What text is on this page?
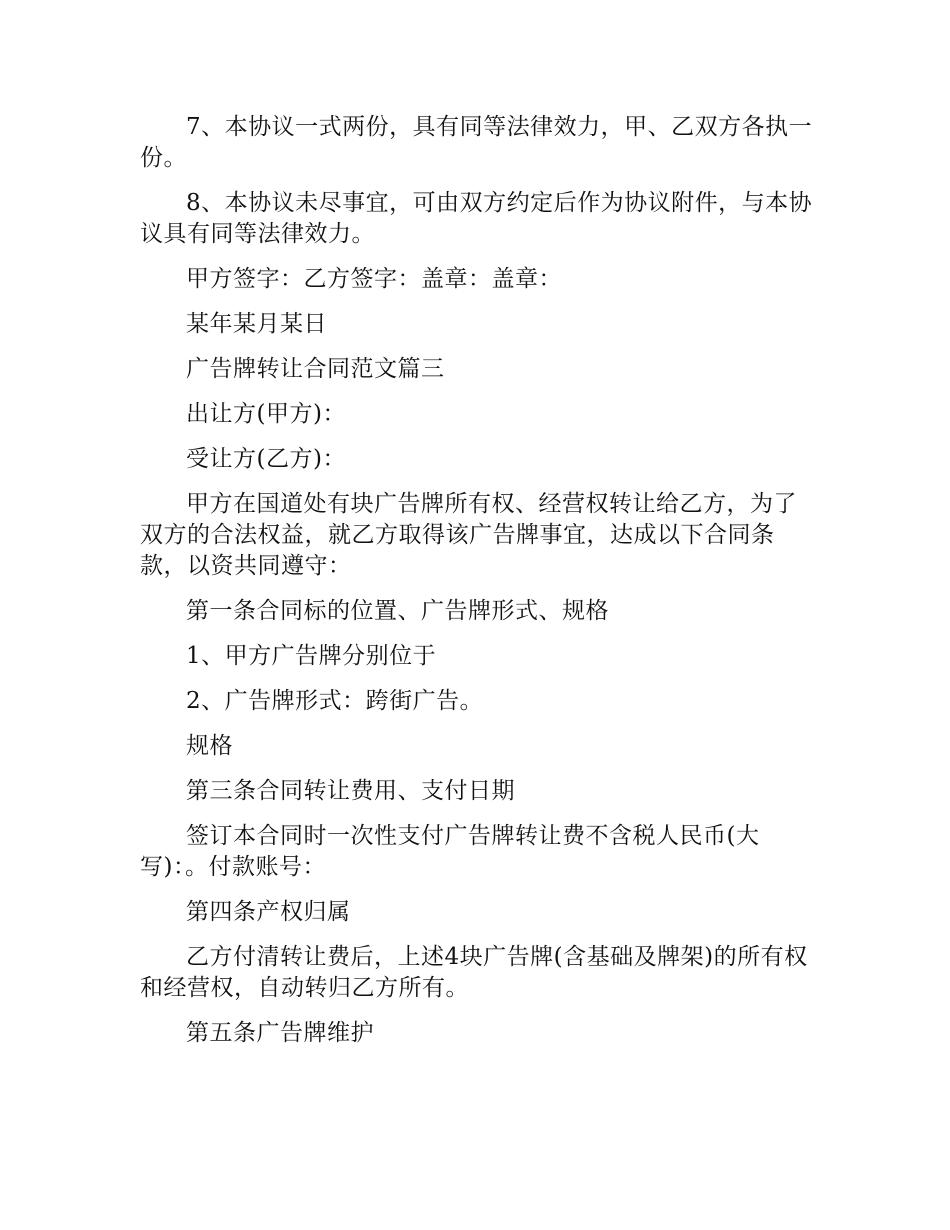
7、本协议一式两份，具有同等法律效力，甲、乙双方各执一份。

8、本协议未尽事宜，可由双方约定后作为协议附件，与本协议具有同等法律效力。

甲方签字：乙方签字：盖章：盖章：

某年某月某日

广告牌转让合同范文篇三

出让方(甲方)：

受让方(乙方)：

甲方在国道处有块广告牌所有权、经营权转让给乙方，为了双方的合法权益，就乙方取得该广告牌事宜，达成以下合同条款，以资共同遵守：

第一条合同标的位置、广告牌形式、规格

1、甲方广告牌分别位于

2、广告牌形式：跨街广告。

规格

第三条合同转让费用、支付日期

签订本合同时一次性支付广告牌转让费不含税人民币(大写)：。付款账号：

第四条产权归属

乙方付清转让费后，上述4块广告牌(含基础及牌架)的所有权和经营权，自动转归乙方所有。

第五条广告牌维护
